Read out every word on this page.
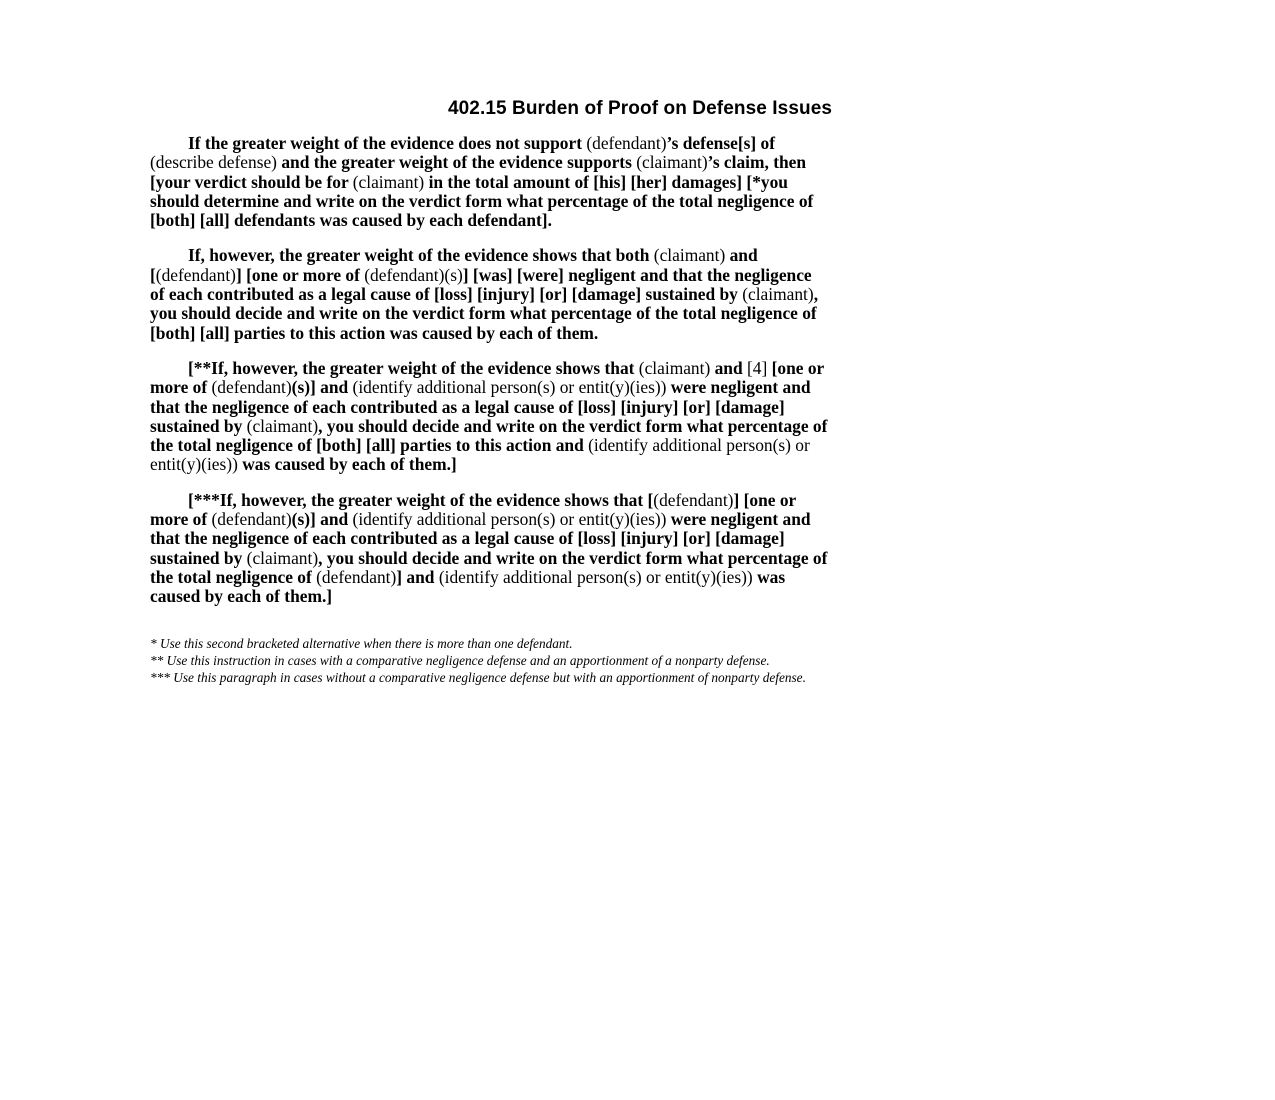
402.15 Burden of Proof on Defense Issues
If the greater weight of the evidence does not support (defendant)’s defense[s] of
(describe defense) and the greater weight of the evidence supports (claimant)’s claim, then
[your verdict should be for (claimant) in the total amount of [his] [her] damages] [*you
should determine and write on the verdict form what percentage of the total negligence of
[both] [all] defendants was caused by each defendant].
If, however, the greater weight of the evidence shows that both (claimant) and
[(defendant)] [one or more of (defendant)(s)] [was] [were] negligent and that the negligence
of each contributed as a legal cause of [loss] [injury] [or] [damage] sustained by (claimant),
you should decide and write on the verdict form what percentage of the total negligence of
[both] [all] parties to this action was caused by each of them.
[**If, however, the greater weight of the evidence shows that (claimant) and [4] [one or
more of (defendant)(s)] and (identify additional person(s) or entit(y)(ies)) were negligent and
that the negligence of each contributed as a legal cause of [loss] [injury] [or] [damage]
sustained by (claimant), you should decide and write on the verdict form what percentage of
the total negligence of [both] [all] parties to this action and (identify additional person(s) or
entit(y)(ies)) was caused by each of them.]
[***If, however, the greater weight of the evidence shows that [(defendant)] [one or
more of (defendant)(s)] and (identify additional person(s) or entit(y)(ies)) were negligent and
that the negligence of each contributed as a legal cause of [loss] [injury] [or] [damage]
sustained by (claimant), you should decide and write on the verdict form what percentage of
the total negligence of (defendant)] and (identify additional person(s) or entit(y)(ies)) was
caused by each of them.]
* Use this second bracketed alternative when there is more than one defendant.
** Use this instruction in cases with a comparative negligence defense and an apportionment of a nonparty defense.
*** Use this paragraph in cases without a comparative negligence defense but with an apportionment of nonparty defense.
